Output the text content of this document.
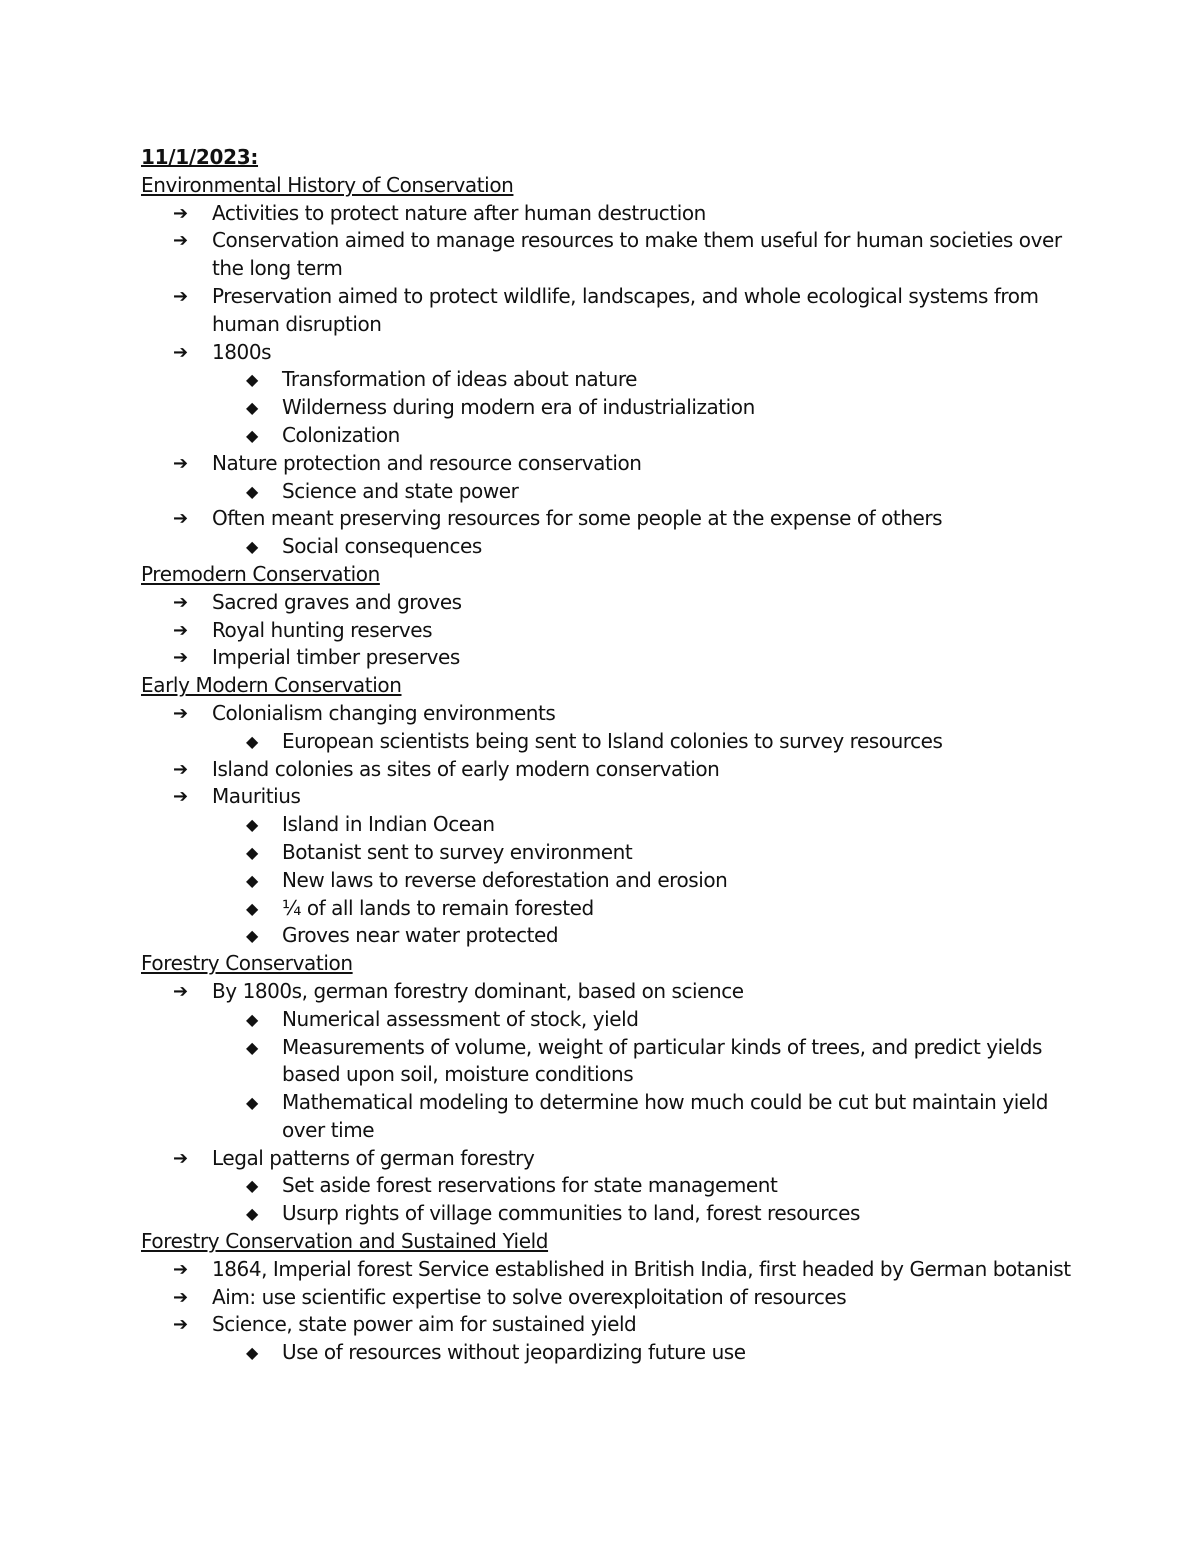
11/1/2023:
Environmental History of Conservation
➔ Activities to protect nature after human destruction
➔ Conservation aimed to manage resources to make them useful for human societies over the long term
➔ Preservation aimed to protect wildlife, landscapes, and whole ecological systems from human disruption
➔ 1800s
◆ Transformation of ideas about nature
◆ Wilderness during modern era of industrialization
◆ Colonization
➔ Nature protection and resource conservation
◆ Science and state power
➔ Often meant preserving resources for some people at the expense of others
◆ Social consequences
Premodern Conservation
➔ Sacred graves and groves
➔ Royal hunting reserves
➔ Imperial timber preserves
Early Modern Conservation
➔ Colonialism changing environments
◆ European scientists being sent to Island colonies to survey resources
➔ Island colonies as sites of early modern conservation
➔ Mauritius
◆ Island in Indian Ocean
◆ Botanist sent to survey environment
◆ New laws to reverse deforestation and erosion
◆ ¼ of all lands to remain forested
◆ Groves near water protected
Forestry Conservation
➔ By 1800s, german forestry dominant, based on science
◆ Numerical assessment of stock, yield
◆ Measurements of volume, weight of particular kinds of trees, and predict yields based upon soil, moisture conditions
◆ Mathematical modeling to determine how much could be cut but maintain yield over time
➔ Legal patterns of german forestry
◆ Set aside forest reservations for state management
◆ Usurp rights of village communities to land, forest resources
Forestry Conservation and Sustained Yield
➔ 1864, Imperial forest Service established in British India, first headed by German botanist
➔ Aim: use scientific expertise to solve overexploitation of resources
➔ Science, state power aim for sustained yield
◆ Use of resources without jeopardizing future use
